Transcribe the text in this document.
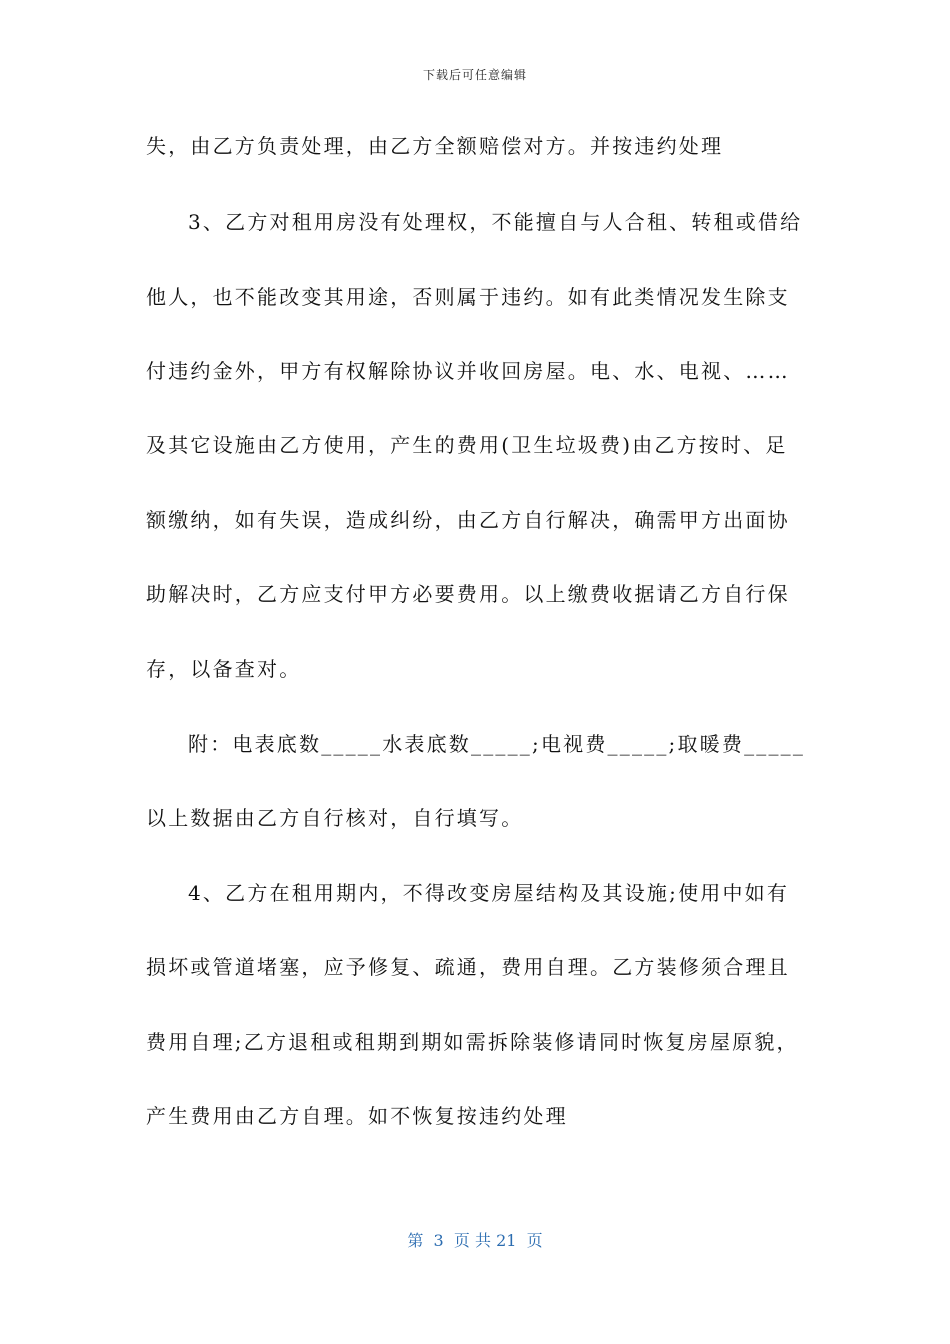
下载后可任意编辑
失，由乙方负责处理，由乙方全额赔偿对方。并按违约处理
3、乙方对租用房没有处理权，不能擅自与人合租、转租或借给
他人，也不能改变其用途，否则属于违约。如有此类情况发生除支
付违约金外，甲方有权解除协议并收回房屋。电、水、电视、……
及其它设施由乙方使用，产生的费用(卫生垃圾费)由乙方按时、足
额缴纳，如有失误，造成纠纷，由乙方自行解决，确需甲方出面协
助解决时，乙方应支付甲方必要费用。以上缴费收据请乙方自行保
存，以备查对。
附：电表底数_____水表底数_____;电视费_____;取暖费_____
以上数据由乙方自行核对，自行填写。
4、乙方在租用期内，不得改变房屋结构及其设施;使用中如有
损坏或管道堵塞，应予修复、疏通，费用自理。乙方装修须合理且
费用自理;乙方退租或租期到期如需拆除装修请同时恢复房屋原貌，
产生费用由乙方自理。如不恢复按违约处理
第  3  页 共 21  页
